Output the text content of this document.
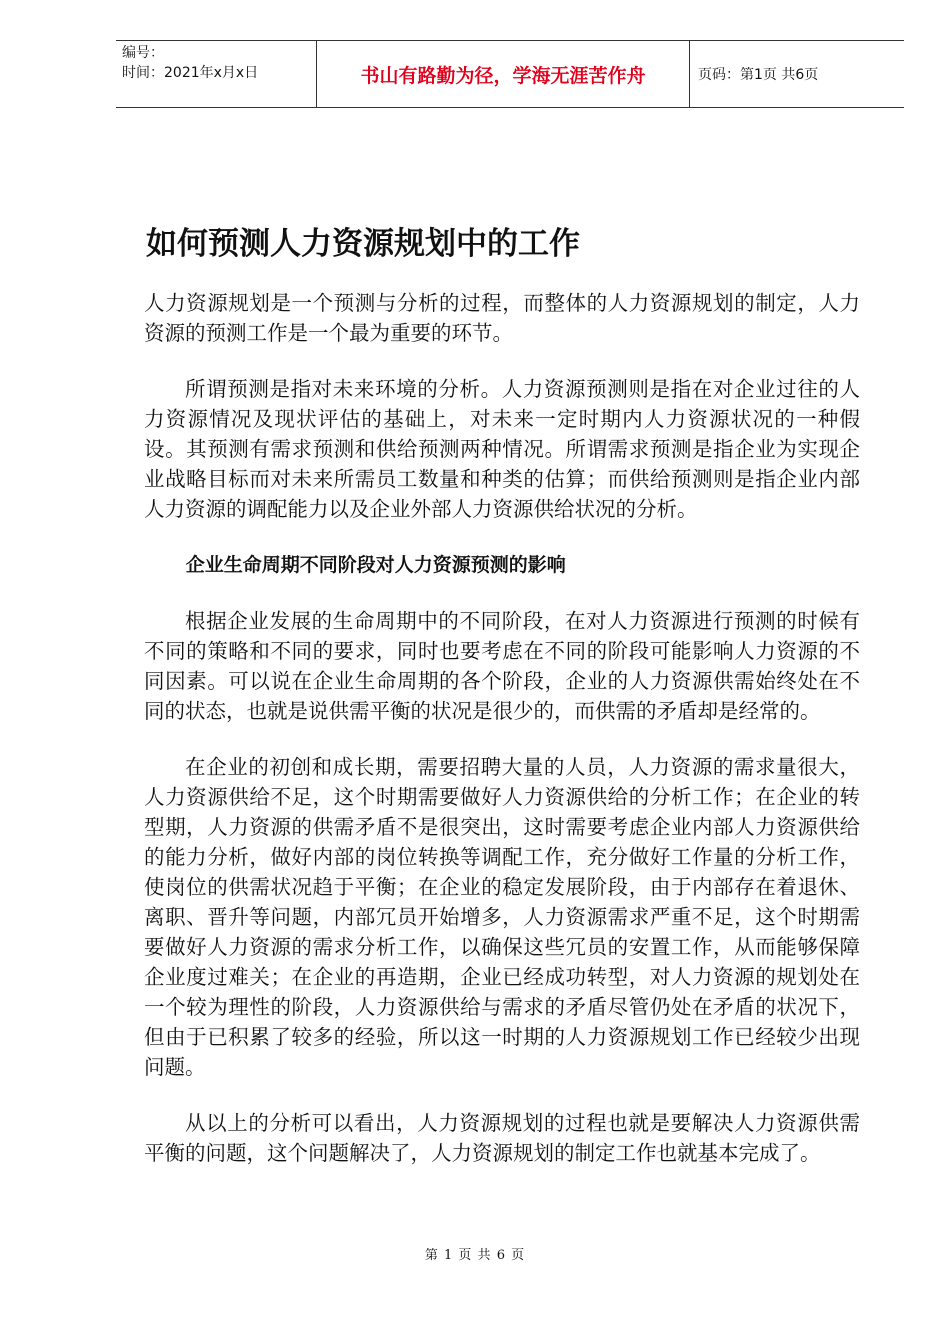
编号：
时间：2021年x月x日	书山有路勤为径，学海无涯苦作舟	页码：第1页 共6页
如何预测人力资源规划中的工作

人力资源规划是一个预测与分析的过程，而整体的人力资源规划的制定，人力资源的预测工作是一个最为重要的环节。

所谓预测是指对未来环境的分析。人力资源预测则是指在对企业过往的人力资源情况及现状评估的基础上，对未来一定时期内人力资源状况的一种假设。其预测有需求预测和供给预测两种情况。所谓需求预测是指企业为实现企业战略目标而对未来所需员工数量和种类的估算；而供给预测则是指企业内部人力资源的调配能力以及企业外部人力资源供给状况的分析。

企业生命周期不同阶段对人力资源预测的影响

根据企业发展的生命周期中的不同阶段，在对人力资源进行预测的时候有不同的策略和不同的要求，同时也要考虑在不同的阶段可能影响人力资源的不同因素。可以说在企业生命周期的各个阶段，企业的人力资源供需始终处在不同的状态，也就是说供需平衡的状况是很少的，而供需的矛盾却是经常的。

在企业的初创和成长期，需要招聘大量的人员，人力资源的需求量很大，人力资源供给不足，这个时期需要做好人力资源供给的分析工作；在企业的转型期，人力资源的供需矛盾不是很突出，这时需要考虑企业内部人力资源供给的能力分析，做好内部的岗位转换等调配工作，充分做好工作量的分析工作，使岗位的供需状况趋于平衡；在企业的稳定发展阶段，由于内部存在着退休、离职、晋升等问题，内部冗员开始增多，人力资源需求严重不足，这个时期需要做好人力资源的需求分析工作，以确保这些冗员的安置工作，从而能够保障企业度过难关；在企业的再造期，企业已经成功转型，对人力资源的规划处在一个较为理性的阶段，人力资源供给与需求的矛盾尽管仍处在矛盾的状况下，但由于已积累了较多的经验，所以这一时期的人力资源规划工作已经较少出现问题。

从以上的分析可以看出，人力资源规划的过程也就是要解决人力资源供需平衡的问题，这个问题解决了，人力资源规划的制定工作也就基本完成了。

第 1 页 共 6 页
